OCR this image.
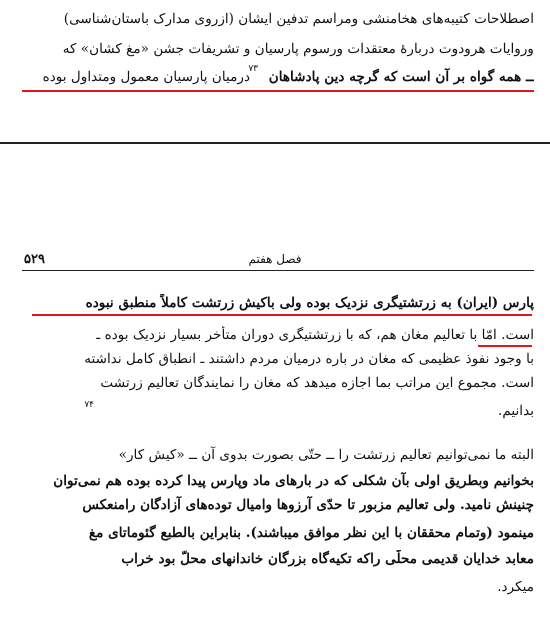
اصطلاحات کتیبه‌های هخامنشی ومراسم تدفین ایشان (ازروی مدارک باستان‌شناسی)
وروایات هرودوت دربارهٔ معتقدات ورسوم پارسیان و تشریفات جشن «مغ کشان» که
درمیان پارسیان معمول ومتداول بوده
۷۳ ــ همه گواه بر آن است که گرچه دین پادشاهان
۵۲۹	فصل هفتم
پارس (ایران) به زرتشتیگری نزدیک بوده ولی باکیش زرتشت کاملاً منطبق نبوده
است. امّا با تعالیم مغان هم، که با زرتشتیگری دوران متأخر بسیار نزدیک بوده ـ
با وجود نفوذ عظیمی که مغان در باره درمیان مردم داشتند ـ انطباق کامل نداشته
است. مجموع این مراتب بما اجازه میدهد که مغان را نمایندگان تعالیم زرتشت
بدانیم.
۷۴
البته ما نمی‌توانیم تعالیم زرتشت را ــ حتّی بصورت بدوی آن ــ «کیش کار»
بخوانیم وبطریق اولی بآن شکلی که در بارهای ماد وپارس پیدا کرده بوده هم نمی‌توان
چنینش نامید. ولی تعالیم مزبور تا حدّی آرزوها وامیال توده‌های آزادگان رامنعکس
مینمود (وتمام محققان با این نظر موافق میباشند). بنابراین بالطبع گئوماتای مغ
معابد خدایان قدیمی محلّی راکه تکیه‌گاه بزرگان خاندانهای محلّ بود خراب
میکرد.
